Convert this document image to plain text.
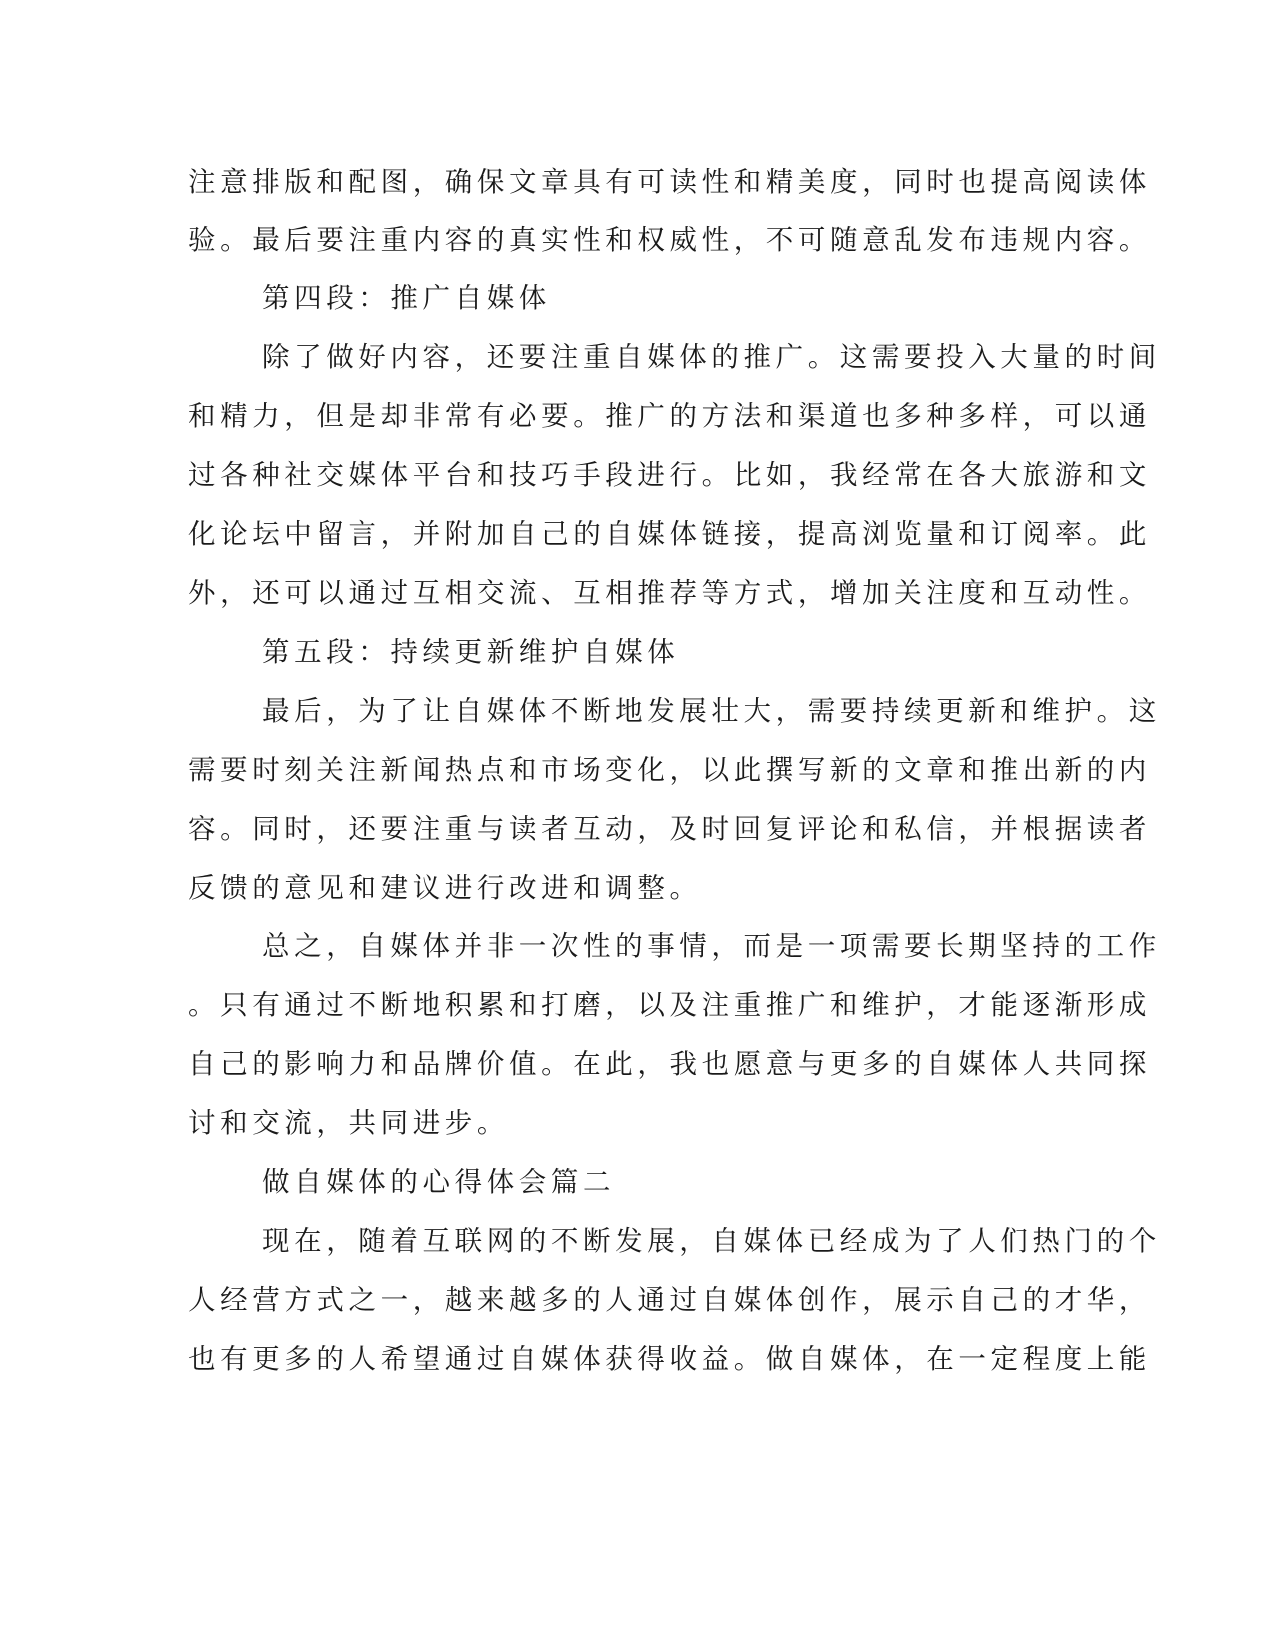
注意排版和配图，确保文章具有可读性和精美度，同时也提高阅读体
验。最后要注重内容的真实性和权威性，不可随意乱发布违规内容。
第四段：推广自媒体
除了做好内容，还要注重自媒体的推广。这需要投入大量的时间
和精力，但是却非常有必要。推广的方法和渠道也多种多样，可以通
过各种社交媒体平台和技巧手段进行。比如，我经常在各大旅游和文
化论坛中留言，并附加自己的自媒体链接，提高浏览量和订阅率。此
外，还可以通过互相交流、互相推荐等方式，增加关注度和互动性。
第五段：持续更新维护自媒体
最后，为了让自媒体不断地发展壮大，需要持续更新和维护。这
需要时刻关注新闻热点和市场变化，以此撰写新的文章和推出新的内
容。同时，还要注重与读者互动，及时回复评论和私信，并根据读者
反馈的意见和建议进行改进和调整。
总之，自媒体并非一次性的事情，而是一项需要长期坚持的工作
。只有通过不断地积累和打磨，以及注重推广和维护，才能逐渐形成
自己的影响力和品牌价值。在此，我也愿意与更多的自媒体人共同探
讨和交流，共同进步。
做自媒体的心得体会篇二
现在，随着互联网的不断发展，自媒体已经成为了人们热门的个
人经营方式之一，越来越多的人通过自媒体创作，展示自己的才华，
也有更多的人希望通过自媒体获得收益。做自媒体，在一定程度上能
